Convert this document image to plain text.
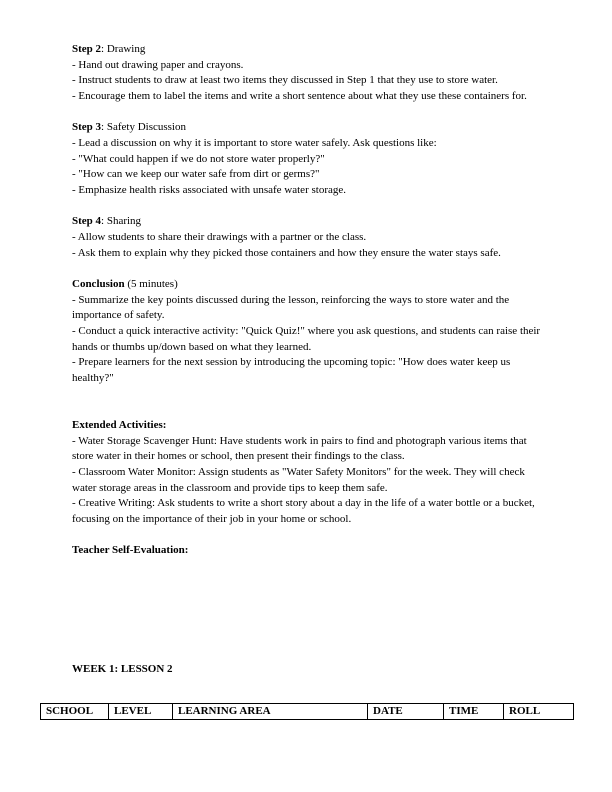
Step 2: Drawing
- Hand out drawing paper and crayons.
- Instruct students to draw at least two items they discussed in Step 1 that they use to store water.
- Encourage them to label the items and write a short sentence about what they use these containers for.
Step 3: Safety Discussion
- Lead a discussion on why it is important to store water safely. Ask questions like:
- "What could happen if we do not store water properly?"
- "How can we keep our water safe from dirt or germs?"
- Emphasize health risks associated with unsafe water storage.
Step 4: Sharing
- Allow students to share their drawings with a partner or the class.
- Ask them to explain why they picked those containers and how they ensure the water stays safe.
Conclusion (5 minutes)
- Summarize the key points discussed during the lesson, reinforcing the ways to store water and the importance of safety.
- Conduct a quick interactive activity: "Quick Quiz!" where you ask questions, and students can raise their hands or thumbs up/down based on what they learned.
- Prepare learners for the next session by introducing the upcoming topic: "How does water keep us healthy?"
Extended Activities:
- Water Storage Scavenger Hunt: Have students work in pairs to find and photograph various items that store water in their homes or school, then present their findings to the class.
- Classroom Water Monitor: Assign students as "Water Safety Monitors" for the week. They will check water storage areas in the classroom and provide tips to keep them safe.
- Creative Writing: Ask students to write a short story about a day in the life of a water bottle or a bucket, focusing on the importance of their job in your home or school.
Teacher Self-Evaluation:
WEEK 1: LESSON 2
SCHOOL	LEVEL	LEARNING AREA	DATE	TIME	ROLL
